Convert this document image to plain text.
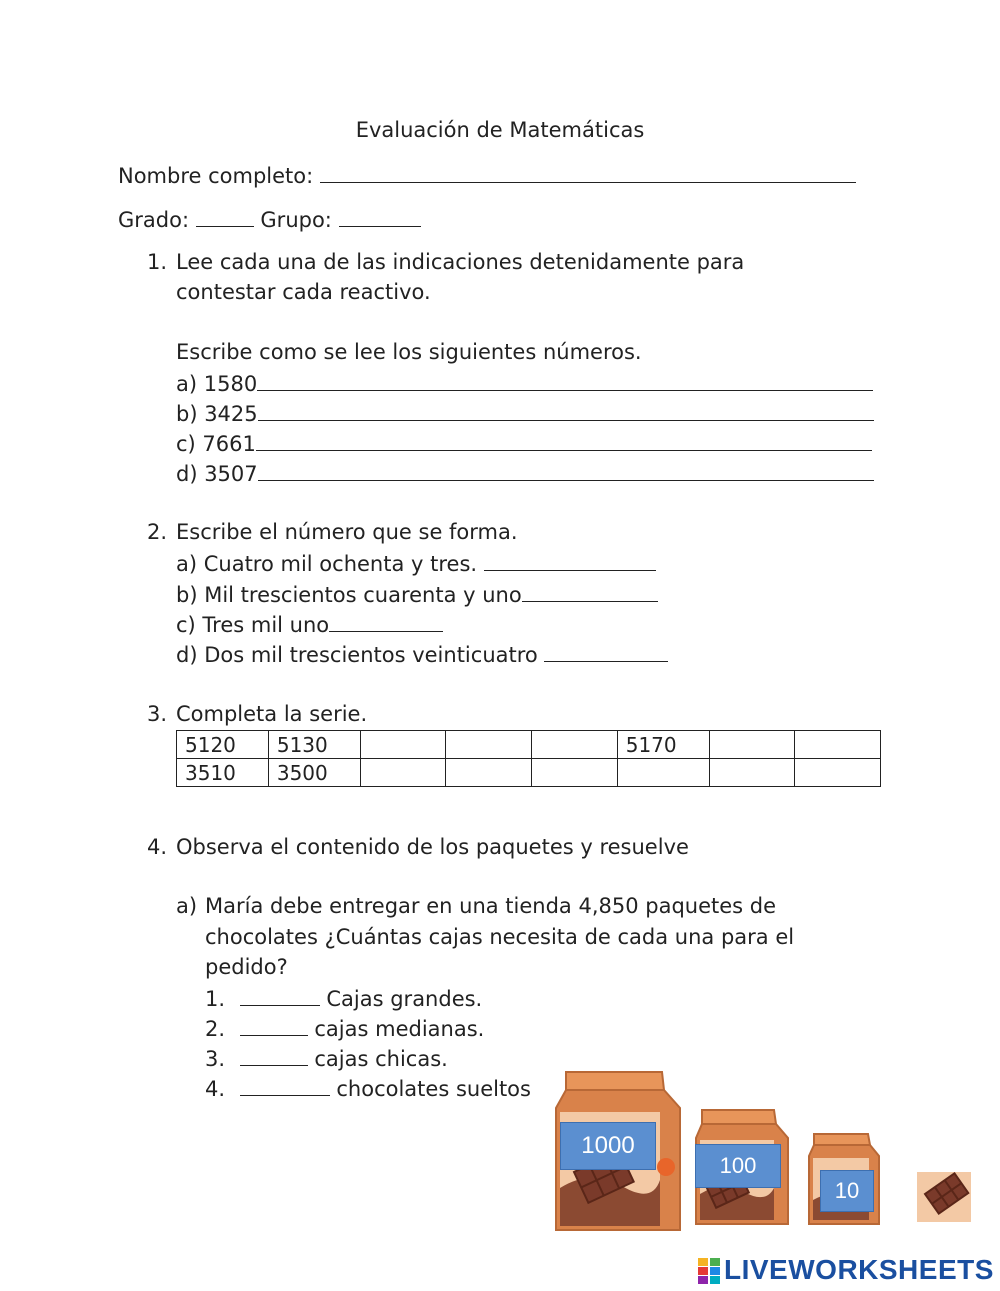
Evaluación de Matemáticas
Nombre completo:
Grado:	Grupo:
1. Lee cada una de las indicaciones detenidamente para
contestar cada reactivo.
Escribe como se lee los siguientes números.
a) 1580
b) 3425
c) 7661
d) 3507
2. Escribe el número que se forma.
a) Cuatro mil ochenta y tres.
b) Mil trescientos cuarenta y uno
c) Tres mil uno
d) Dos mil trescientos veinticuatro
3. Completa la serie.
5120	5130				5170		
3510	3500						
4. Observa el contenido de los paquetes y resuelve
a) María debe entregar en una tienda 4,850 paquetes de
chocolates ¿Cuántas cajas necesita de cada una para el
pedido?
1.	Cajas grandes.
2.	cajas medianas.
3.	cajas chicas.
4.	chocolates sueltos
1000
100
10
LIVEWORKSHEETS
